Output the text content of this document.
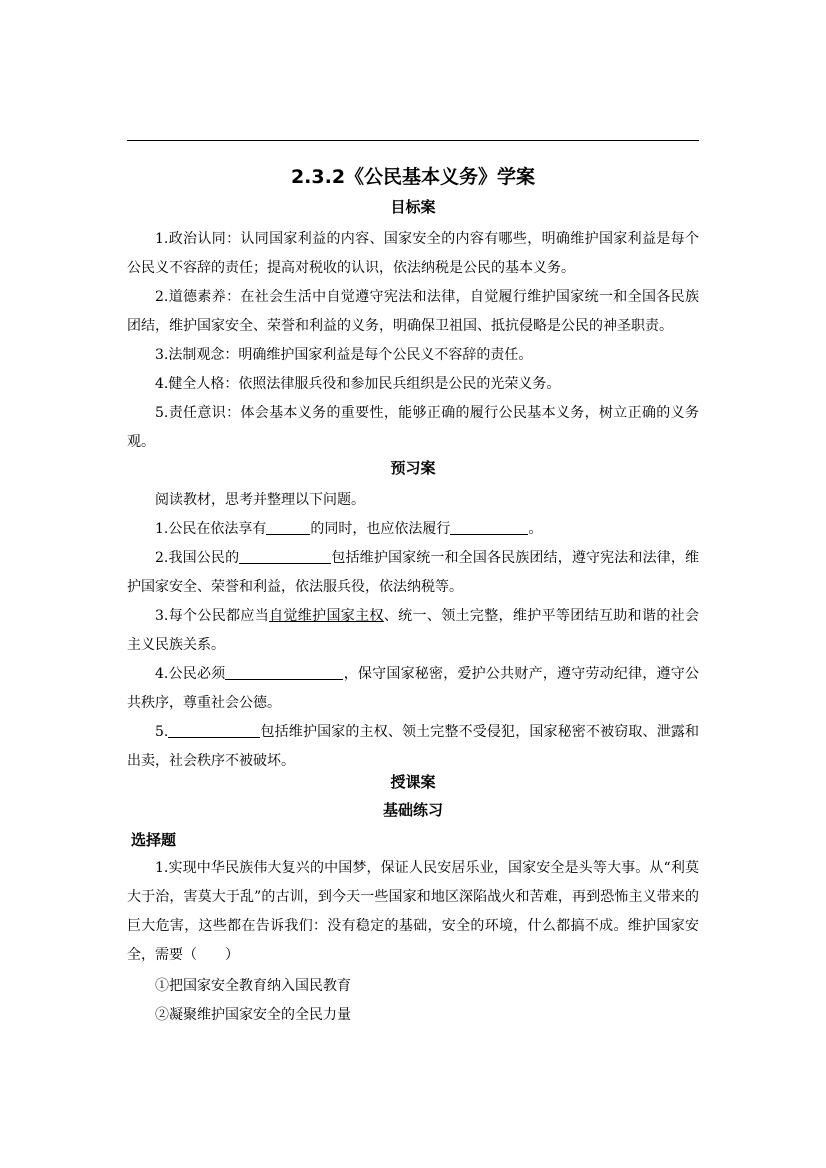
2.3.2《公民基本义务》学案
目标案
1.政治认同：认同国家利益的内容、国家安全的内容有哪些，明确维护国家利益是每个公民义不容辞的责任；提高对税收的认识，依法纳税是公民的基本义务。
2.道德素养：在社会生活中自觉遵守宪法和法律，自觉履行维护国家统一和全国各民族团结，维护国家安全、荣誉和利益的义务，明确保卫祖国、抵抗侵略是公民的神圣职责。
3.法制观念：明确维护国家利益是每个公民义不容辞的责任。
4.健全人格：依照法律服兵役和参加民兵组织是公民的光荣义务。
5.责任意识：体会基本义务的重要性，能够正确的履行公民基本义务，树立正确的义务观。
预习案
阅读教材，思考并整理以下问题。
1.公民在依法享有	的同时，也应依法履行	。
2.我国公民的	包括维护国家统一和全国各民族团结，遵守宪法和法律，维护国家安全、荣誉和利益，依法服兵役，依法纳税等。
3.每个公民都应当自觉维护国家主权、统一、领土完整，维护平等团结互助和谐的社会主义民族关系。
4.公民必须	，保守国家秘密，爱护公共财产，遵守劳动纪律，遵守公共秩序，尊重社会公德。
5.	包括维护国家的主权、领土完整不受侵犯，国家秘密不被窃取、泄露和出卖，社会秩序不被破坏。
授课案
基础练习
选择题
1.实现中华民族伟大复兴的中国梦，保证人民安居乐业，国家安全是头等大事。从“利莫大于治，害莫大于乱”的古训，到今天一些国家和地区深陷战火和苦难，再到恐怖主义带来的巨大危害，这些都在告诉我们：没有稳定的基础，安全的环境，什么都搞不成。维护国家安全，需要（　　）
①把国家安全教育纳入国民教育
②凝聚维护国家安全的全民力量
